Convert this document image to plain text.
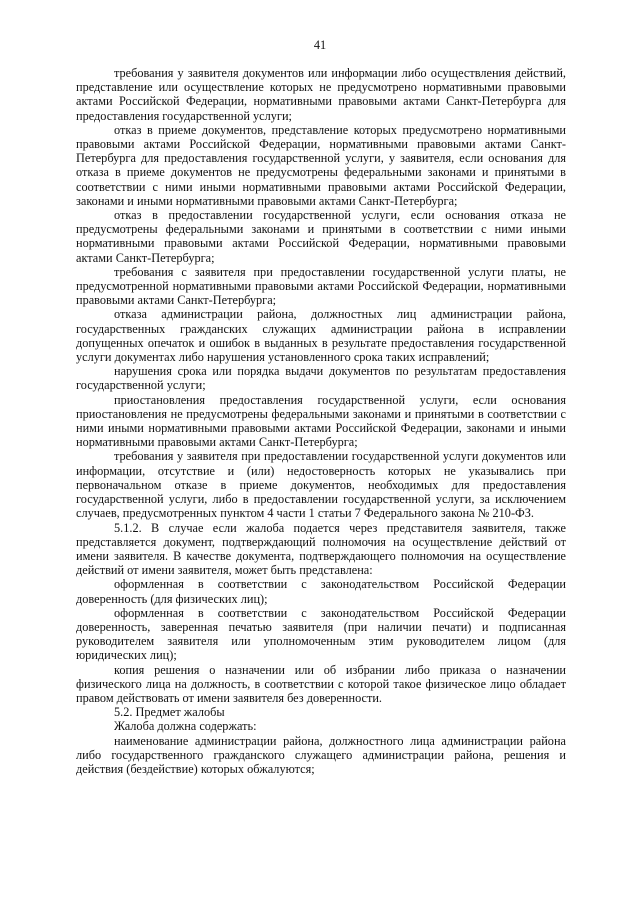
41

требования у заявителя документов или информации либо осуществления действий, представление или осуществление которых не предусмотрено нормативными правовыми актами Российской Федерации, нормативными правовыми актами Санкт-Петербурга для предоставления государственной услуги;

отказ в приеме документов, представление которых предусмотрено нормативными правовыми актами Российской Федерации, нормативными правовыми актами Санкт-Петербурга для предоставления государственной услуги, у заявителя, если основания для отказа в приеме документов не предусмотрены федеральными законами и принятыми в соответствии с ними иными нормативными правовыми актами Российской Федерации, законами и иными нормативными правовыми актами Санкт-Петербурга;

отказ в предоставлении государственной услуги, если основания отказа не предусмотрены федеральными законами и принятыми в соответствии с ними иными нормативными правовыми актами Российской Федерации, нормативными правовыми актами Санкт-Петербурга;

требования с заявителя при предоставлении государственной услуги платы, не предусмотренной нормативными правовыми актами Российской Федерации, нормативными правовыми актами Санкт-Петербурга;

отказа администрации района, должностных лиц администрации района, государственных гражданских служащих администрации района в исправлении допущенных опечаток и ошибок в выданных в результате предоставления государственной услуги документах либо нарушения установленного срока таких исправлений;

нарушения срока или порядка выдачи документов по результатам предоставления государственной услуги;

приостановления предоставления государственной услуги, если основания приостановления не предусмотрены федеральными законами и принятыми в соответствии с ними иными нормативными правовыми актами Российской Федерации, законами и иными нормативными правовыми актами Санкт-Петербурга;

требования у заявителя при предоставлении государственной услуги документов или информации, отсутствие и (или) недостоверность которых не указывались при первоначальном отказе в приеме документов, необходимых для предоставления государственной услуги, либо в предоставлении государственной услуги, за исключением случаев, предусмотренных пунктом 4 части 1 статьи 7 Федерального закона № 210-ФЗ.

5.1.2. В случае если жалоба подается через представителя заявителя, также представляется документ, подтверждающий полномочия на осуществление действий от имени заявителя. В качестве документа, подтверждающего полномочия на осуществление действий от имени заявителя, может быть представлена:

оформленная в соответствии с законодательством Российской Федерации доверенность (для физических лиц);

оформленная в соответствии с законодательством Российской Федерации доверенность, заверенная печатью заявителя (при наличии печати) и подписанная руководителем заявителя или уполномоченным этим руководителем лицом (для юридических лиц);

копия решения о назначении или об избрании либо приказа о назначении физического лица на должность, в соответствии с которой такое физическое лицо обладает правом действовать от имени заявителя без доверенности.

5.2. Предмет жалобы

Жалоба должна содержать:

наименование администрации района, должностного лица администрации района либо государственного гражданского служащего администрации района, решения и действия (бездействие) которых обжалуются;
